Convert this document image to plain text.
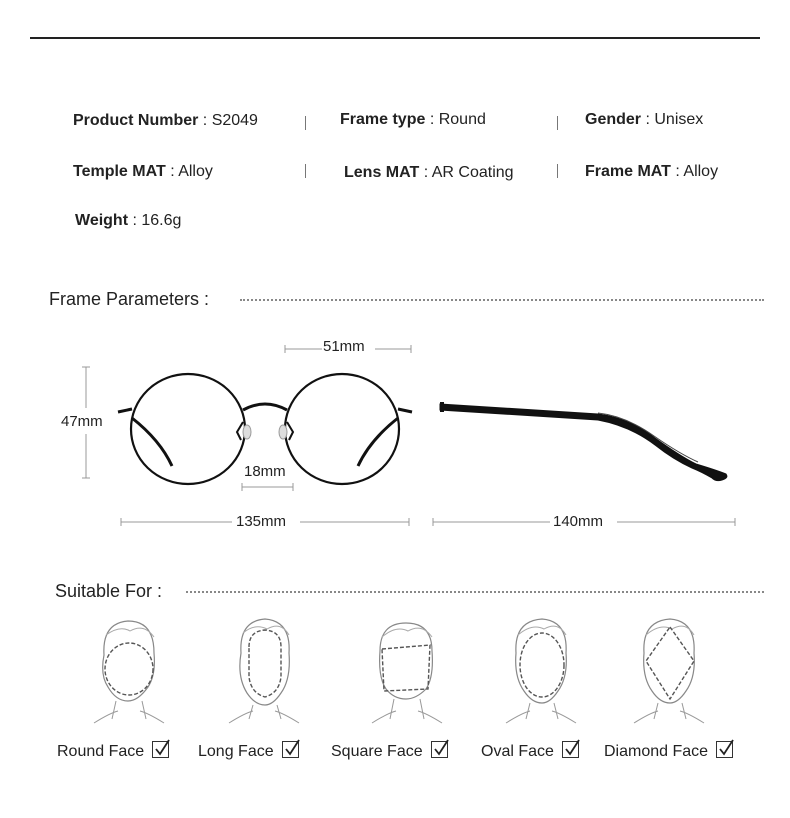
Product Number : S2049	Frame type : Round	Gender : Unisex
Temple MAT : Alloy	Lens MAT : AR Coating	Frame MAT : Alloy
Weight : 16.6g
Frame Parameters :
51mm
47mm
18mm
135mm	140mm
Suitable For :
Round Face	Long Face	Square Face	Oval Face	Diamond Face
